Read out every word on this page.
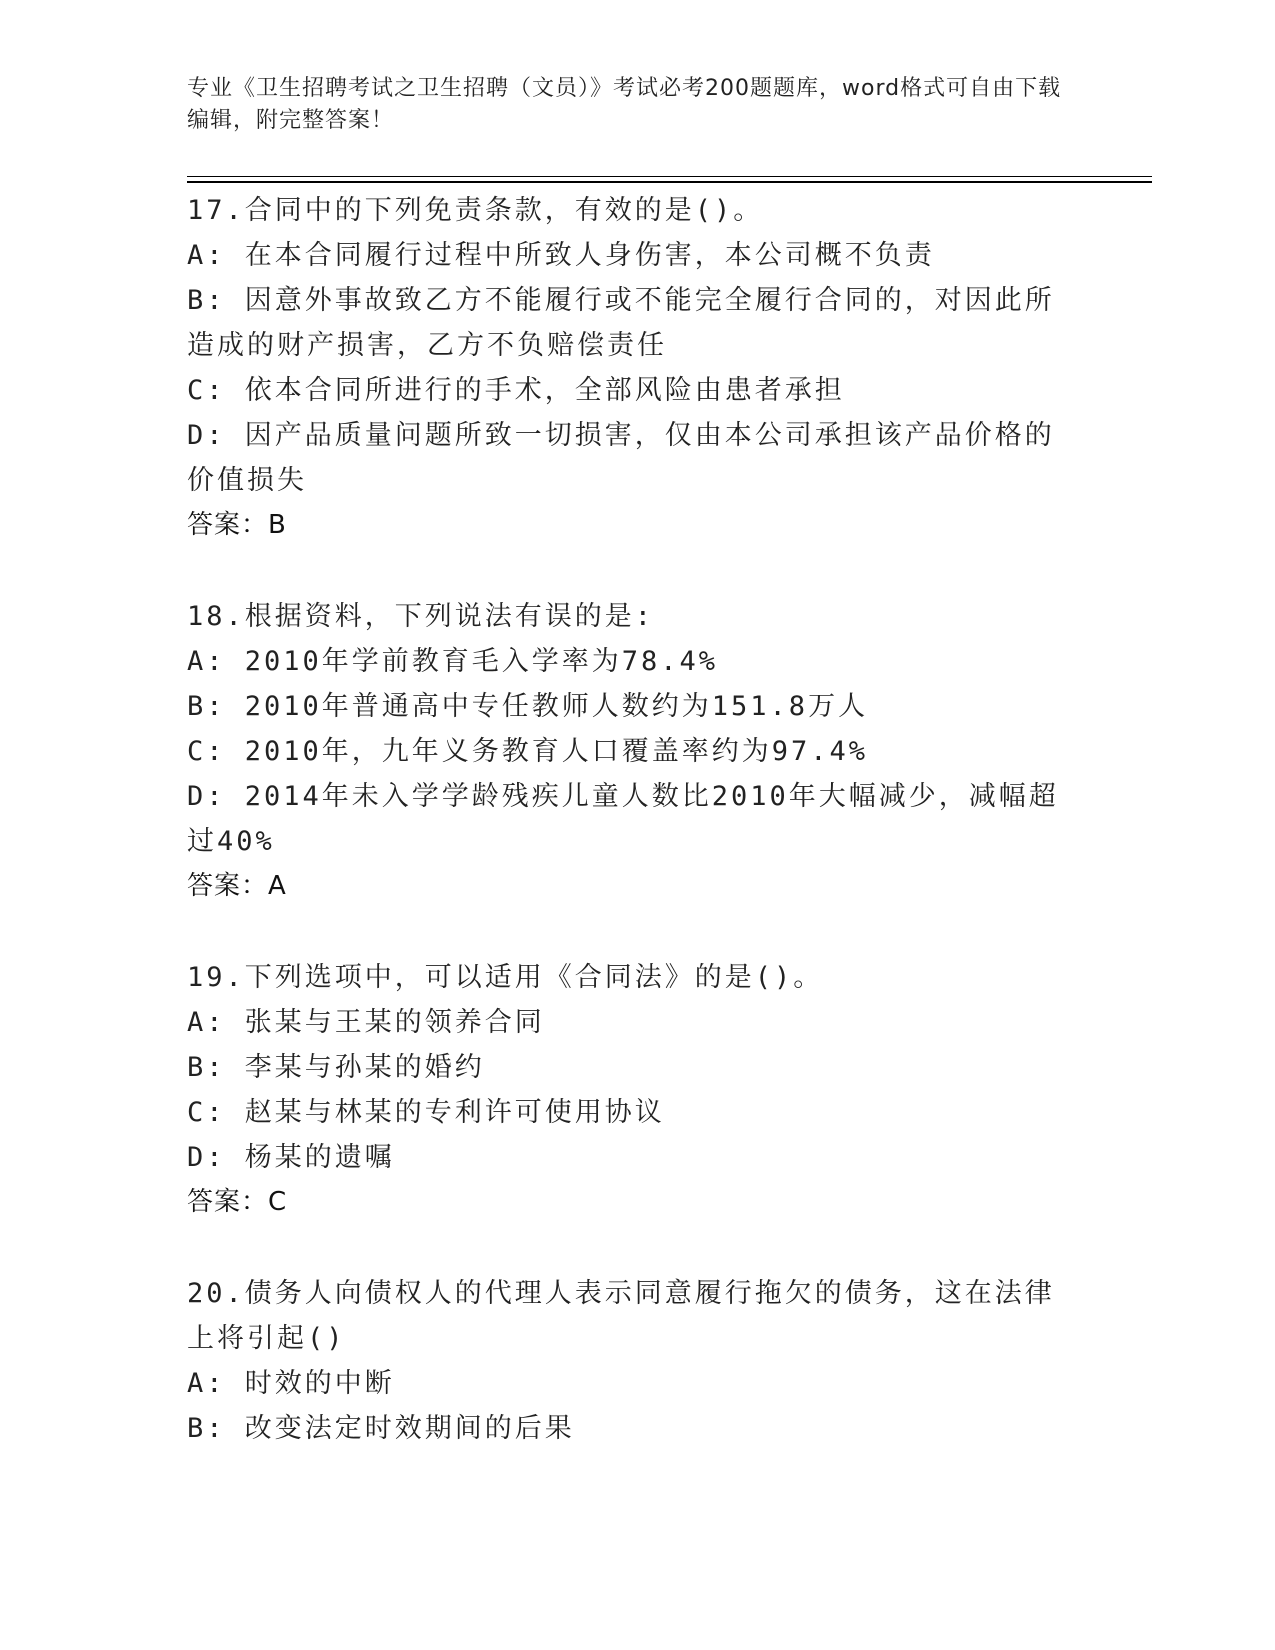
专业《卫生招聘考试之卫生招聘（文员）》考试必考200题题库，word格式可自由下载编辑，附完整答案！
17.合同中的下列免责条款，有效的是()。
A: 在本合同履行过程中所致人身伤害，本公司概不负责
B: 因意外事故致乙方不能履行或不能完全履行合同的，对因此所造成的财产损害，乙方不负赔偿责任
C: 依本合同所进行的手术，全部风险由患者承担
D: 因产品质量问题所致一切损害，仅由本公司承担该产品价格的价值损失
答案：B
18.根据资料，下列说法有误的是:
A: 2010年学前教育毛入学率为78.4%
B: 2010年普通高中专任教师人数约为151.8万人
C: 2010年，九年义务教育人口覆盖率约为97.4%
D: 2014年未入学学龄残疾儿童人数比2010年大幅减少，减幅超过40%
答案：A
19.下列选项中，可以适用《合同法》的是()。
A: 张某与王某的领养合同
B: 李某与孙某的婚约
C: 赵某与林某的专利许可使用协议
D: 杨某的遗嘱
答案：C
20.债务人向债权人的代理人表示同意履行拖欠的债务，这在法律上将引起()
A: 时效的中断
B: 改变法定时效期间的后果
